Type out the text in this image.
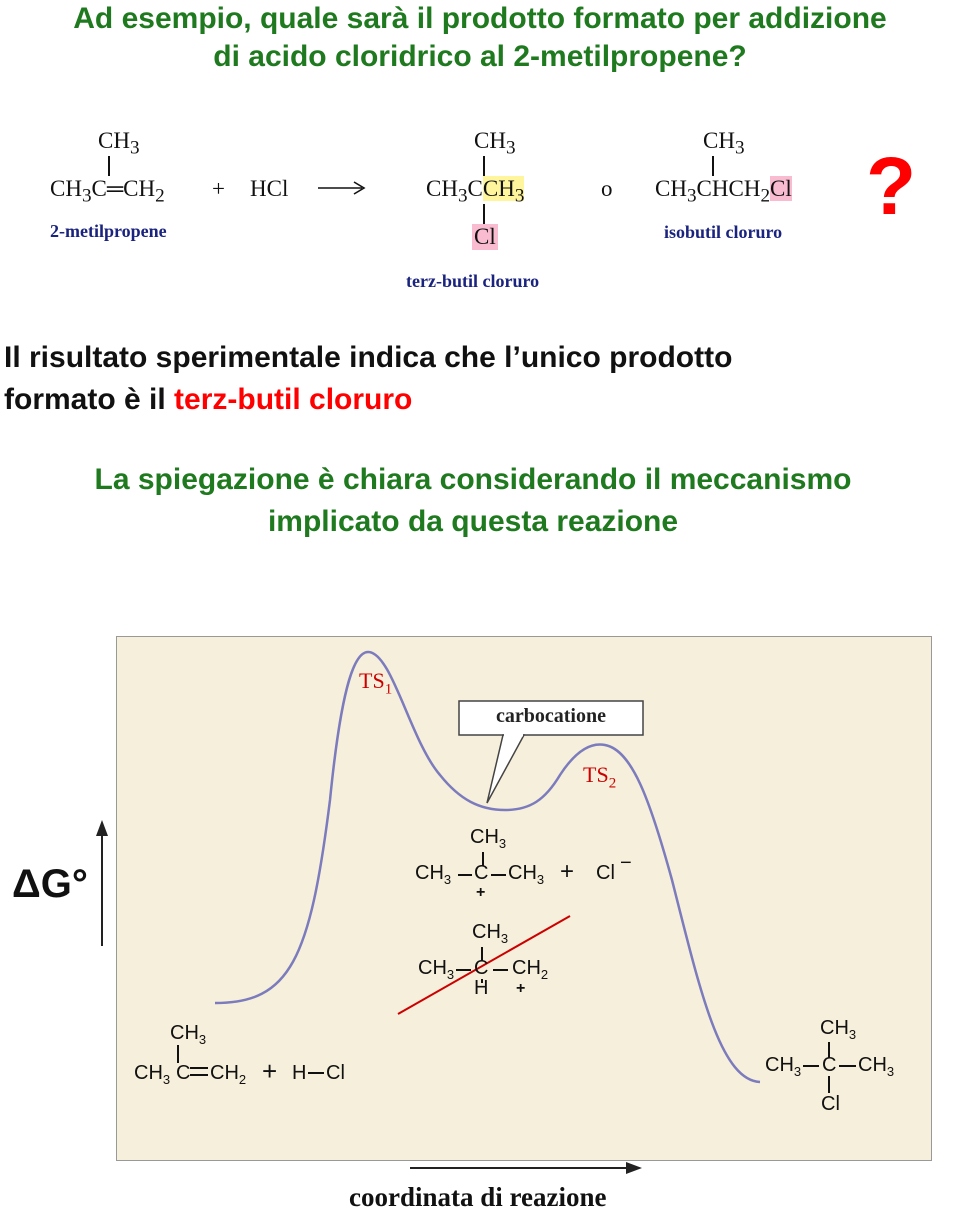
Ad esempio, quale sarà il prodotto formato per addizione
di acido cloridrico al 2-metilpropene?
$CH_3$
$CH_3C═CH_2$ + HCl
2-metilpropene
$CH_3$
$CH_3CCH_3$
Cl
terz-butil cloruro
o
$CH_3$
$CH_3CHCH_2Cl$
isobutil cloruro ?
Il risultato sperimentale indica che l’unico prodotto
formato è il terz-butil cloruro
La spiegazione è chiara considerando il meccanismo
implicato da questa reazione
$TS_1$
$TS_2$
carbocatione
ΔG°
coordinata di reazione
$CH_3$
$CH_3$ C $CH_3$
+
+ Cl −
$CH_3$
$CH_3$ C $CH_2$
H +
$CH_3$
$CH_3$ C $CH_2 + H$ Cl
$CH_3$
$CH_3$ C $CH_3$
Cl
